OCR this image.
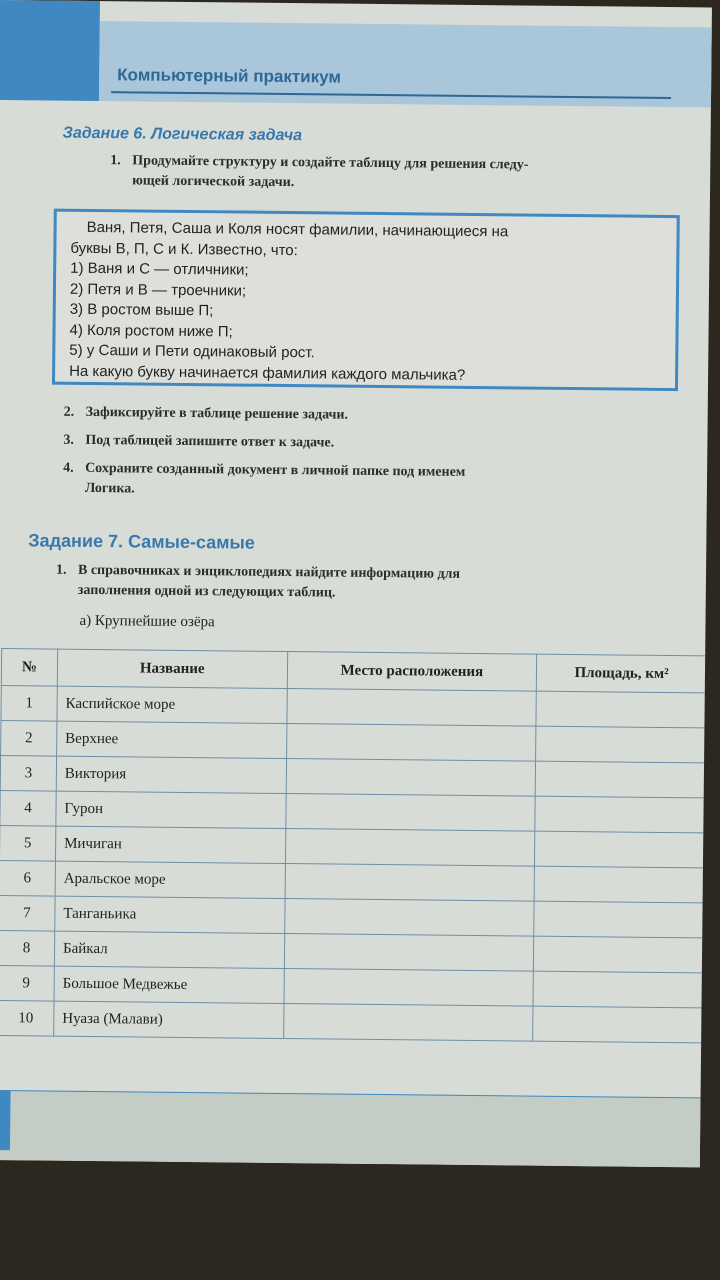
Компьютерный практикум
Задание 6. Логическая задача
1. Продумайте структуру и создайте таблицу для решения следу-
ющей логической задачи.
Ваня, Петя, Саша и Коля носят фамилии, начинающиеся на
буквы В, П, С и К. Известно, что:
1) Ваня и С — отличники;
2) Петя и В — троечники;
3) В ростом выше П;
4) Коля ростом ниже П;
5) у Саши и Пети одинаковый рост.
На какую букву начинается фамилия каждого мальчика?
2. Зафиксируйте в таблице решение задачи.
3. Под таблицей запишите ответ к задаче.
4. Сохраните созданный документ в личной папке под именем
Логика.
Задание 7. Самые-самые
1. В справочниках и энциклопедиях найдите информацию для
заполнения одной из следующих таблиц.
а) Крупнейшие озёра
№	Название	Место расположения	Площадь, км²
1	Каспийское море		
2	Верхнее		
3	Виктория		
4	Гурон		
5	Мичиган		
6	Аральское море		
7	Танганьика		
8	Байкал		
9	Большое Медвежье		
10	Нуаза (Малави)		
